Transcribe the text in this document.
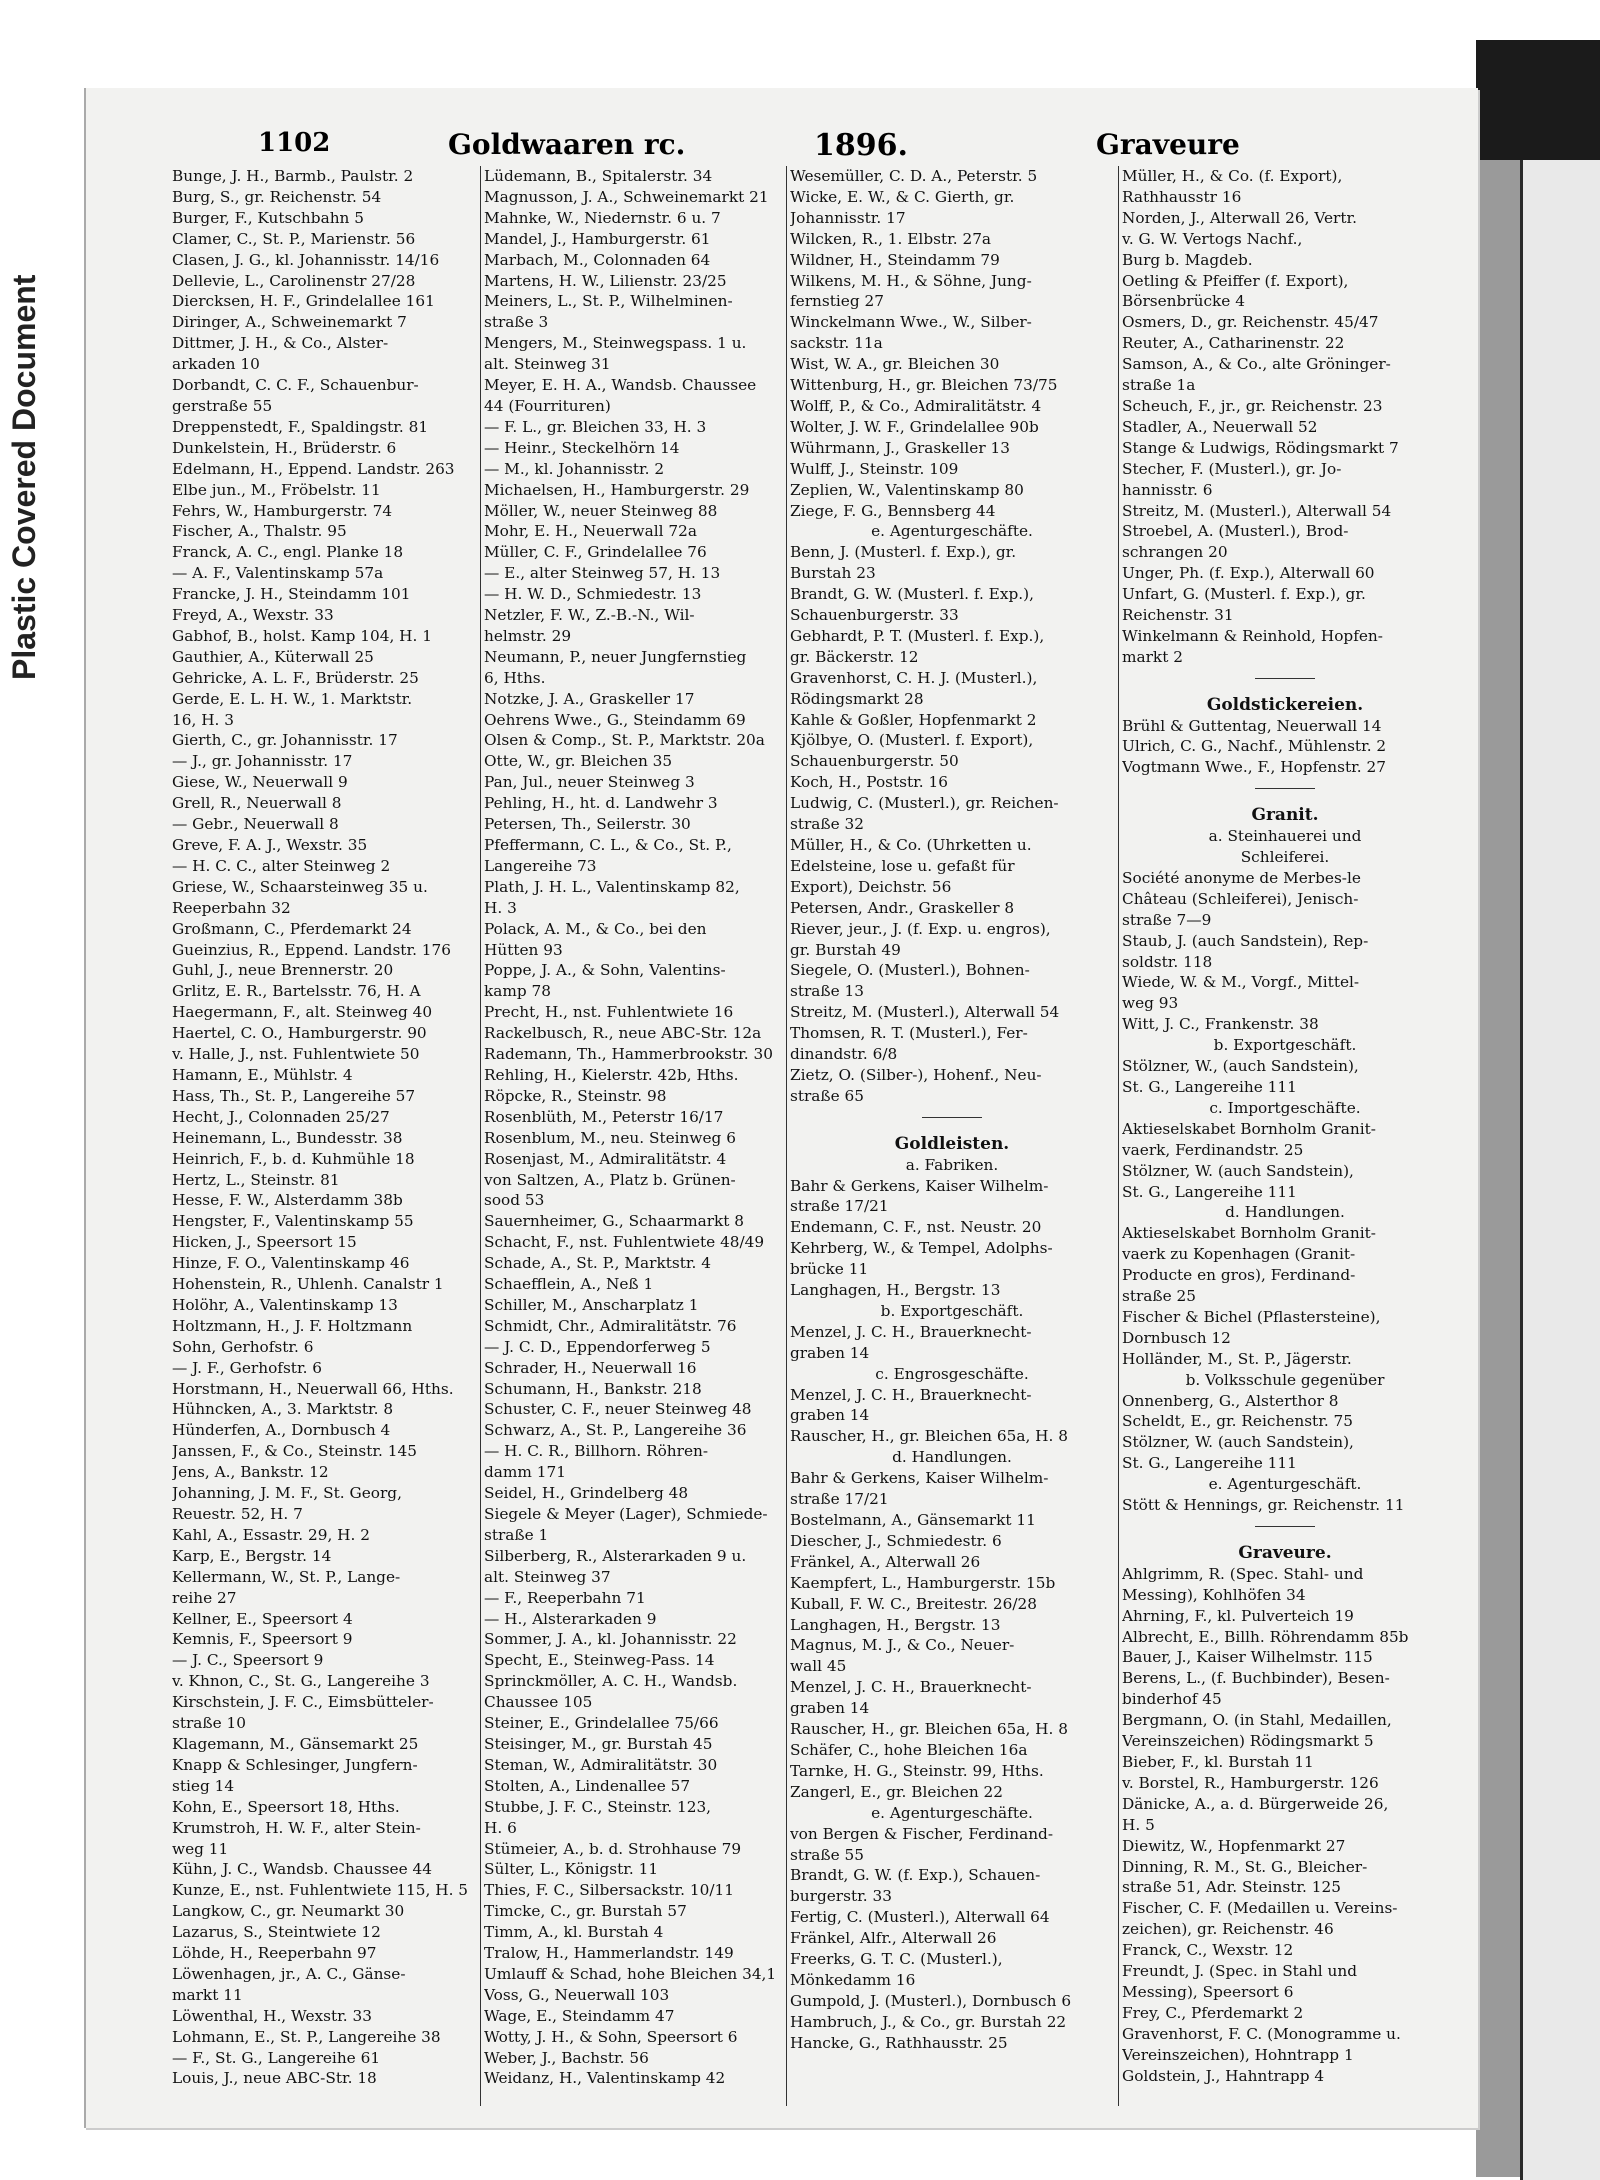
Plastic Covered Document
1102	Goldwaaren rc.	1896.	Graveure
Bunge, J. H., Barmb., Paulstr. 2
Burg, S., gr. Reichenstr. 54
Burger, F., Kutschbahn 5
Clamer, C., St. P., Marienstr. 56
Clasen, J. G., kl. Johannisstr. 14/16
Dellevie, L., Carolinenstr 27/28
Diercksen, H. F., Grindelallee 161
Diringer, A., Schweinemarkt 7
Dittmer, J. H., & Co., Alster-
arkaden 10
Dorbandt, C. C. F., Schauenbur-
gerstraße 55
Dreppenstedt, F., Spaldingstr. 81
Dunkelstein, H., Brüderstr. 6
Edelmann, H., Eppend. Landstr. 263
Elbe jun., M., Fröbelstr. 11
Fehrs, W., Hamburgerstr. 74
Fischer, A., Thalstr. 95
Franck, A. C., engl. Planke 18
— A. F., Valentinskamp 57a
Francke, J. H., Steindamm 101
Freyd, A., Wexstr. 33
Gabhof, B., holst. Kamp 104, H. 1
Gauthier, A., Küterwall 25
Gehricke, A. L. F., Brüderstr. 25
Gerde, E. L. H. W., 1. Marktstr.
16, H. 3
Gierth, C., gr. Johannisstr. 17
— J., gr. Johannisstr. 17
Giese, W., Neuerwall 9
Grell, R., Neuerwall 8
— Gebr., Neuerwall 8
Greve, F. A. J., Wexstr. 35
— H. C. C., alter Steinweg 2
Griese, W., Schaarsteinweg 35 u.
Reeperbahn 32
Großmann, C., Pferdemarkt 24
Gueinzius, R., Eppend. Landstr. 176
Guhl, J., neue Brennerstr. 20
Grlitz, E. R., Bartelsstr. 76, H. A
Haegermann, F., alt. Steinweg 40
Haertel, C. O., Hamburgerstr. 90
v. Halle, J., nst. Fuhlentwiete 50
Hamann, E., Mühlstr. 4
Hass, Th., St. P., Langereihe 57
Hecht, J., Colonnaden 25/27
Heinemann, L., Bundesstr. 38
Heinrich, F., b. d. Kuhmühle 18
Hertz, L., Steinstr. 81
Hesse, F. W., Alsterdamm 38b
Hengster, F., Valentinskamp 55
Hicken, J., Speersort 15
Hinze, F. O., Valentinskamp 46
Hohenstein, R., Uhlenh. Canalstr 1
Holöhr, A., Valentinskamp 13
Holtzmann, H., J. F. Holtzmann
Sohn, Gerhofstr. 6
— J. F., Gerhofstr. 6
Horstmann, H., Neuerwall 66, Hths.
Hühncken, A., 3. Marktstr. 8
Hünderfen, A., Dornbusch 4
Janssen, F., & Co., Steinstr. 145
Jens, A., Bankstr. 12
Johanning, J. M. F., St. Georg,
Reuestr. 52, H. 7
Kahl, A., Essastr. 29, H. 2
Karp, E., Bergstr. 14
Kellermann, W., St. P., Lange-
reihe 27
Kellner, E., Speersort 4
Kemnis, F., Speersort 9
— J. C., Speersort 9
v. Khnon, C., St. G., Langereihe 3
Kirschstein, J. F. C., Eimsbütteler-
straße 10
Klagemann, M., Gänsemarkt 25
Knapp & Schlesinger, Jungfern-
stieg 14
Kohn, E., Speersort 18, Hths.
Krumstroh, H. W. F., alter Stein-
weg 11
Kühn, J. C., Wandsb. Chaussee 44
Kunze, E., nst. Fuhlentwiete 115, H. 5
Langkow, C., gr. Neumarkt 30
Lazarus, S., Steintwiete 12
Löhde, H., Reeperbahn 97
Löwenhagen, jr., A. C., Gänse-
markt 11
Löwenthal, H., Wexstr. 33
Lohmann, E., St. P., Langereihe 38
— F., St. G., Langereihe 61
Louis, J., neue ABC-Str. 18
Lüdemann, B., Spitalerstr. 34
Magnusson, J. A., Schweinemarkt 21
Mahnke, W., Niedernstr. 6 u. 7
Mandel, J., Hamburgerstr. 61
Marbach, M., Colonnaden 64
Martens, H. W., Lilienstr. 23/25
Meiners, L., St. P., Wilhelminen-
straße 3
Mengers, M., Steinwegspass. 1 u.
alt. Steinweg 31
Meyer, E. H. A., Wandsb. Chaussee
44 (Fourrituren)
— F. L., gr. Bleichen 33, H. 3
— Heinr., Steckelhörn 14
— M., kl. Johannisstr. 2
Michaelsen, H., Hamburgerstr. 29
Möller, W., neuer Steinweg 88
Mohr, E. H., Neuerwall 72a
Müller, C. F., Grindelallee 76
— E., alter Steinweg 57, H. 13
— H. W. D., Schmiedestr. 13
Netzler, F. W., Z.-B.-N., Wil-
helmstr. 29
Neumann, P., neuer Jungfernstieg
6, Hths.
Notzke, J. A., Graskeller 17
Oehrens Wwe., G., Steindamm 69
Olsen & Comp., St. P., Marktstr. 20a
Otte, W., gr. Bleichen 35
Pan, Jul., neuer Steinweg 3
Pehling, H., ht. d. Landwehr 3
Petersen, Th., Seilerstr. 30
Pfeffermann, C. L., & Co., St. P.,
Langereihe 73
Plath, J. H. L., Valentinskamp 82,
H. 3
Polack, A. M., & Co., bei den
Hütten 93
Poppe, J. A., & Sohn, Valentins-
kamp 78
Precht, H., nst. Fuhlentwiete 16
Rackelbusch, R., neue ABC-Str. 12a
Rademann, Th., Hammerbrookstr. 30
Rehling, H., Kielerstr. 42b, Hths.
Röpcke, R., Steinstr. 98
Rosenblüth, M., Peterstr 16/17
Rosenblum, M., neu. Steinweg 6
Rosenjast, M., Admiralitätstr. 4
von Saltzen, A., Platz b. Grünen-
sood 53
Sauernheimer, G., Schaarmarkt 8
Schacht, F., nst. Fuhlentwiete 48/49
Schade, A., St. P., Marktstr. 4
Schaefflein, A., Neß 1
Schiller, M., Anscharplatz 1
Schmidt, Chr., Admiralitätstr. 76
— J. C. D., Eppendorferweg 5
Schrader, H., Neuerwall 16
Schumann, H., Bankstr. 218
Schuster, C. F., neuer Steinweg 48
Schwarz, A., St. P., Langereihe 36
— H. C. R., Billhorn. Röhren-
damm 171
Seidel, H., Grindelberg 48
Siegele & Meyer (Lager), Schmiede-
straße 1
Silberberg, R., Alsterarkaden 9 u.
alt. Steinweg 37
— F., Reeperbahn 71
— H., Alsterarkaden 9
Sommer, J. A., kl. Johannisstr. 22
Specht, E., Steinweg-Pass. 14
Sprinckmöller, A. C. H., Wandsb.
Chaussee 105
Steiner, E., Grindelallee 75/66
Steisinger, M., gr. Burstah 45
Steman, W., Admiralitätstr. 30
Stolten, A., Lindenallee 57
Stubbe, J. F. C., Steinstr. 123,
H. 6
Stümeier, A., b. d. Strohhause 79
Sülter, L., Königstr. 11
Thies, F. C., Silbersackstr. 10/11
Timcke, C., gr. Burstah 57
Timm, A., kl. Burstah 4
Tralow, H., Hammerlandstr. 149
Umlauff & Schad, hohe Bleichen 34,1
Voss, G., Neuerwall 103
Wage, E., Steindamm 47
Wotty, J. H., & Sohn, Speersort 6
Weber, J., Bachstr. 56
Weidanz, H., Valentinskamp 42
Wesemüller, C. D. A., Peterstr. 5
Wicke, E. W., & C. Gierth, gr.
Johannisstr. 17
Wilcken, R., 1. Elbstr. 27a
Wildner, H., Steindamm 79
Wilkens, M. H., & Söhne, Jung-
fernstieg 27
Winckelmann Wwe., W., Silber-
sackstr. 11a
Wist, W. A., gr. Bleichen 30
Wittenburg, H., gr. Bleichen 73/75
Wolff, P., & Co., Admiralitätstr. 4
Wolter, J. W. F., Grindelallee 90b
Wührmann, J., Graskeller 13
Wulff, J., Steinstr. 109
Zeplien, W., Valentinskamp 80
Ziege, F. G., Bennsberg 44
e. Agenturgeschäfte.
Benn, J. (Musterl. f. Exp.), gr.
Burstah 23
Brandt, G. W. (Musterl. f. Exp.),
Schauenburgerstr. 33
Gebhardt, P. T. (Musterl. f. Exp.),
gr. Bäckerstr. 12
Gravenhorst, C. H. J. (Musterl.),
Rödingsmarkt 28
Kahle & Goßler, Hopfenmarkt 2
Kjölbye, O. (Musterl. f. Export),
Schauenburgerstr. 50
Koch, H., Poststr. 16
Ludwig, C. (Musterl.), gr. Reichen-
straße 32
Müller, H., & Co. (Uhrketten u.
Edelsteine, lose u. gefaßt für
Export), Deichstr. 56
Petersen, Andr., Graskeller 8
Riever, jeur., J. (f. Exp. u. engros),
gr. Burstah 49
Siegele, O. (Musterl.), Bohnen-
straße 13
Streitz, M. (Musterl.), Alterwall 54
Thomsen, R. T. (Musterl.), Fer-
dinandstr. 6/8
Zietz, O. (Silber-), Hohenf., Neu-
straße 65
Goldleisten.
a. Fabriken.
Bahr & Gerkens, Kaiser Wilhelm-
straße 17/21
Endemann, C. F., nst. Neustr. 20
Kehrberg, W., & Tempel, Adolphs-
brücke 11
Langhagen, H., Bergstr. 13
b. Exportgeschäft.
Menzel, J. C. H., Brauerknecht-
graben 14
c. Engrosgeschäfte.
Menzel, J. C. H., Brauerknecht-
graben 14
Rauscher, H., gr. Bleichen 65a, H. 8
d. Handlungen.
Bahr & Gerkens, Kaiser Wilhelm-
straße 17/21
Bostelmann, A., Gänsemarkt 11
Diescher, J., Schmiedestr. 6
Fränkel, A., Alterwall 26
Kaempfert, L., Hamburgerstr. 15b
Kuball, F. W. C., Breitestr. 26/28
Langhagen, H., Bergstr. 13
Magnus, M. J., & Co., Neuer-
wall 45
Menzel, J. C. H., Brauerknecht-
graben 14
Rauscher, H., gr. Bleichen 65a, H. 8
Schäfer, C., hohe Bleichen 16a
Tarnke, H. G., Steinstr. 99, Hths.
Zangerl, E., gr. Bleichen 22
e. Agenturgeschäfte.
von Bergen & Fischer, Ferdinand-
straße 55
Brandt, G. W. (f. Exp.), Schauen-
burgerstr. 33
Fertig, C. (Musterl.), Alterwall 64
Fränkel, Alfr., Alterwall 26
Freerks, G. T. C. (Musterl.),
Mönkedamm 16
Gumpold, J. (Musterl.), Dornbusch 6
Hambruch, J., & Co., gr. Burstah 22
Hancke, G., Rathhausstr. 25
Müller, H., & Co. (f. Export),
Rathhausstr 16
Norden, J., Alterwall 26, Vertr.
v. G. W. Vertogs Nachf.,
Burg b. Magdeb.
Oetling & Pfeiffer (f. Export),
Börsenbrücke 4
Osmers, D., gr. Reichenstr. 45/47
Reuter, A., Catharinenstr. 22
Samson, A., & Co., alte Gröninger-
straße 1a
Scheuch, F., jr., gr. Reichenstr. 23
Stadler, A., Neuerwall 52
Stange & Ludwigs, Rödingsmarkt 7
Stecher, F. (Musterl.), gr. Jo-
hannisstr. 6
Streitz, M. (Musterl.), Alterwall 54
Stroebel, A. (Musterl.), Brod-
schrangen 20
Unger, Ph. (f. Exp.), Alterwall 60
Unfart, G. (Musterl. f. Exp.), gr.
Reichenstr. 31
Winkelmann & Reinhold, Hopfen-
markt 2
Goldstickereien.
Brühl & Guttentag, Neuerwall 14
Ulrich, C. G., Nachf., Mühlenstr. 2
Vogtmann Wwe., F., Hopfenstr. 27
Granit.
a. Steinhauerei und
Schleiferei.
Société anonyme de Merbes-le
Château (Schleiferei), Jenisch-
straße 7—9
Staub, J. (auch Sandstein), Rep-
soldstr. 118
Wiede, W. & M., Vorgf., Mittel-
weg 93
Witt, J. C., Frankenstr. 38
b. Exportgeschäft.
Stölzner, W., (auch Sandstein),
St. G., Langereihe 111
c. Importgeschäfte.
Aktieselskabet Bornholm Granit-
vaerk, Ferdinandstr. 25
Stölzner, W. (auch Sandstein),
St. G., Langereihe 111
d. Handlungen.
Aktieselskabet Bornholm Granit-
vaerk zu Kopenhagen (Granit-
Producte en gros), Ferdinand-
straße 25
Fischer & Bichel (Pflastersteine),
Dornbusch 12
Holländer, M., St. P., Jägerstr.
b. Volksschule gegenüber
Onnenberg, G., Alsterthor 8
Scheldt, E., gr. Reichenstr. 75
Stölzner, W. (auch Sandstein),
St. G., Langereihe 111
e. Agenturgeschäft.
Stött & Hennings, gr. Reichenstr. 11
Graveure.
Ahlgrimm, R. (Spec. Stahl- und
Messing), Kohlhöfen 34
Ahrning, F., kl. Pulverteich 19
Albrecht, E., Billh. Röhrendamm 85b
Bauer, J., Kaiser Wilhelmstr. 115
Berens, L., (f. Buchbinder), Besen-
binderhof 45
Bergmann, O. (in Stahl, Medaillen,
Vereinszeichen) Rödingsmarkt 5
Bieber, F., kl. Burstah 11
v. Borstel, R., Hamburgerstr. 126
Dänicke, A., a. d. Bürgerweide 26,
H. 5
Diewitz, W., Hopfenmarkt 27
Dinning, R. M., St. G., Bleicher-
straße 51, Adr. Steinstr. 125
Fischer, C. F. (Medaillen u. Vereins-
zeichen), gr. Reichenstr. 46
Franck, C., Wexstr. 12
Freundt, J. (Spec. in Stahl und
Messing), Speersort 6
Frey, C., Pferdemarkt 2
Gravenhorst, F. C. (Monogramme u.
Vereinszeichen), Hohntrapp 1
Goldstein, J., Hahntrapp 4
